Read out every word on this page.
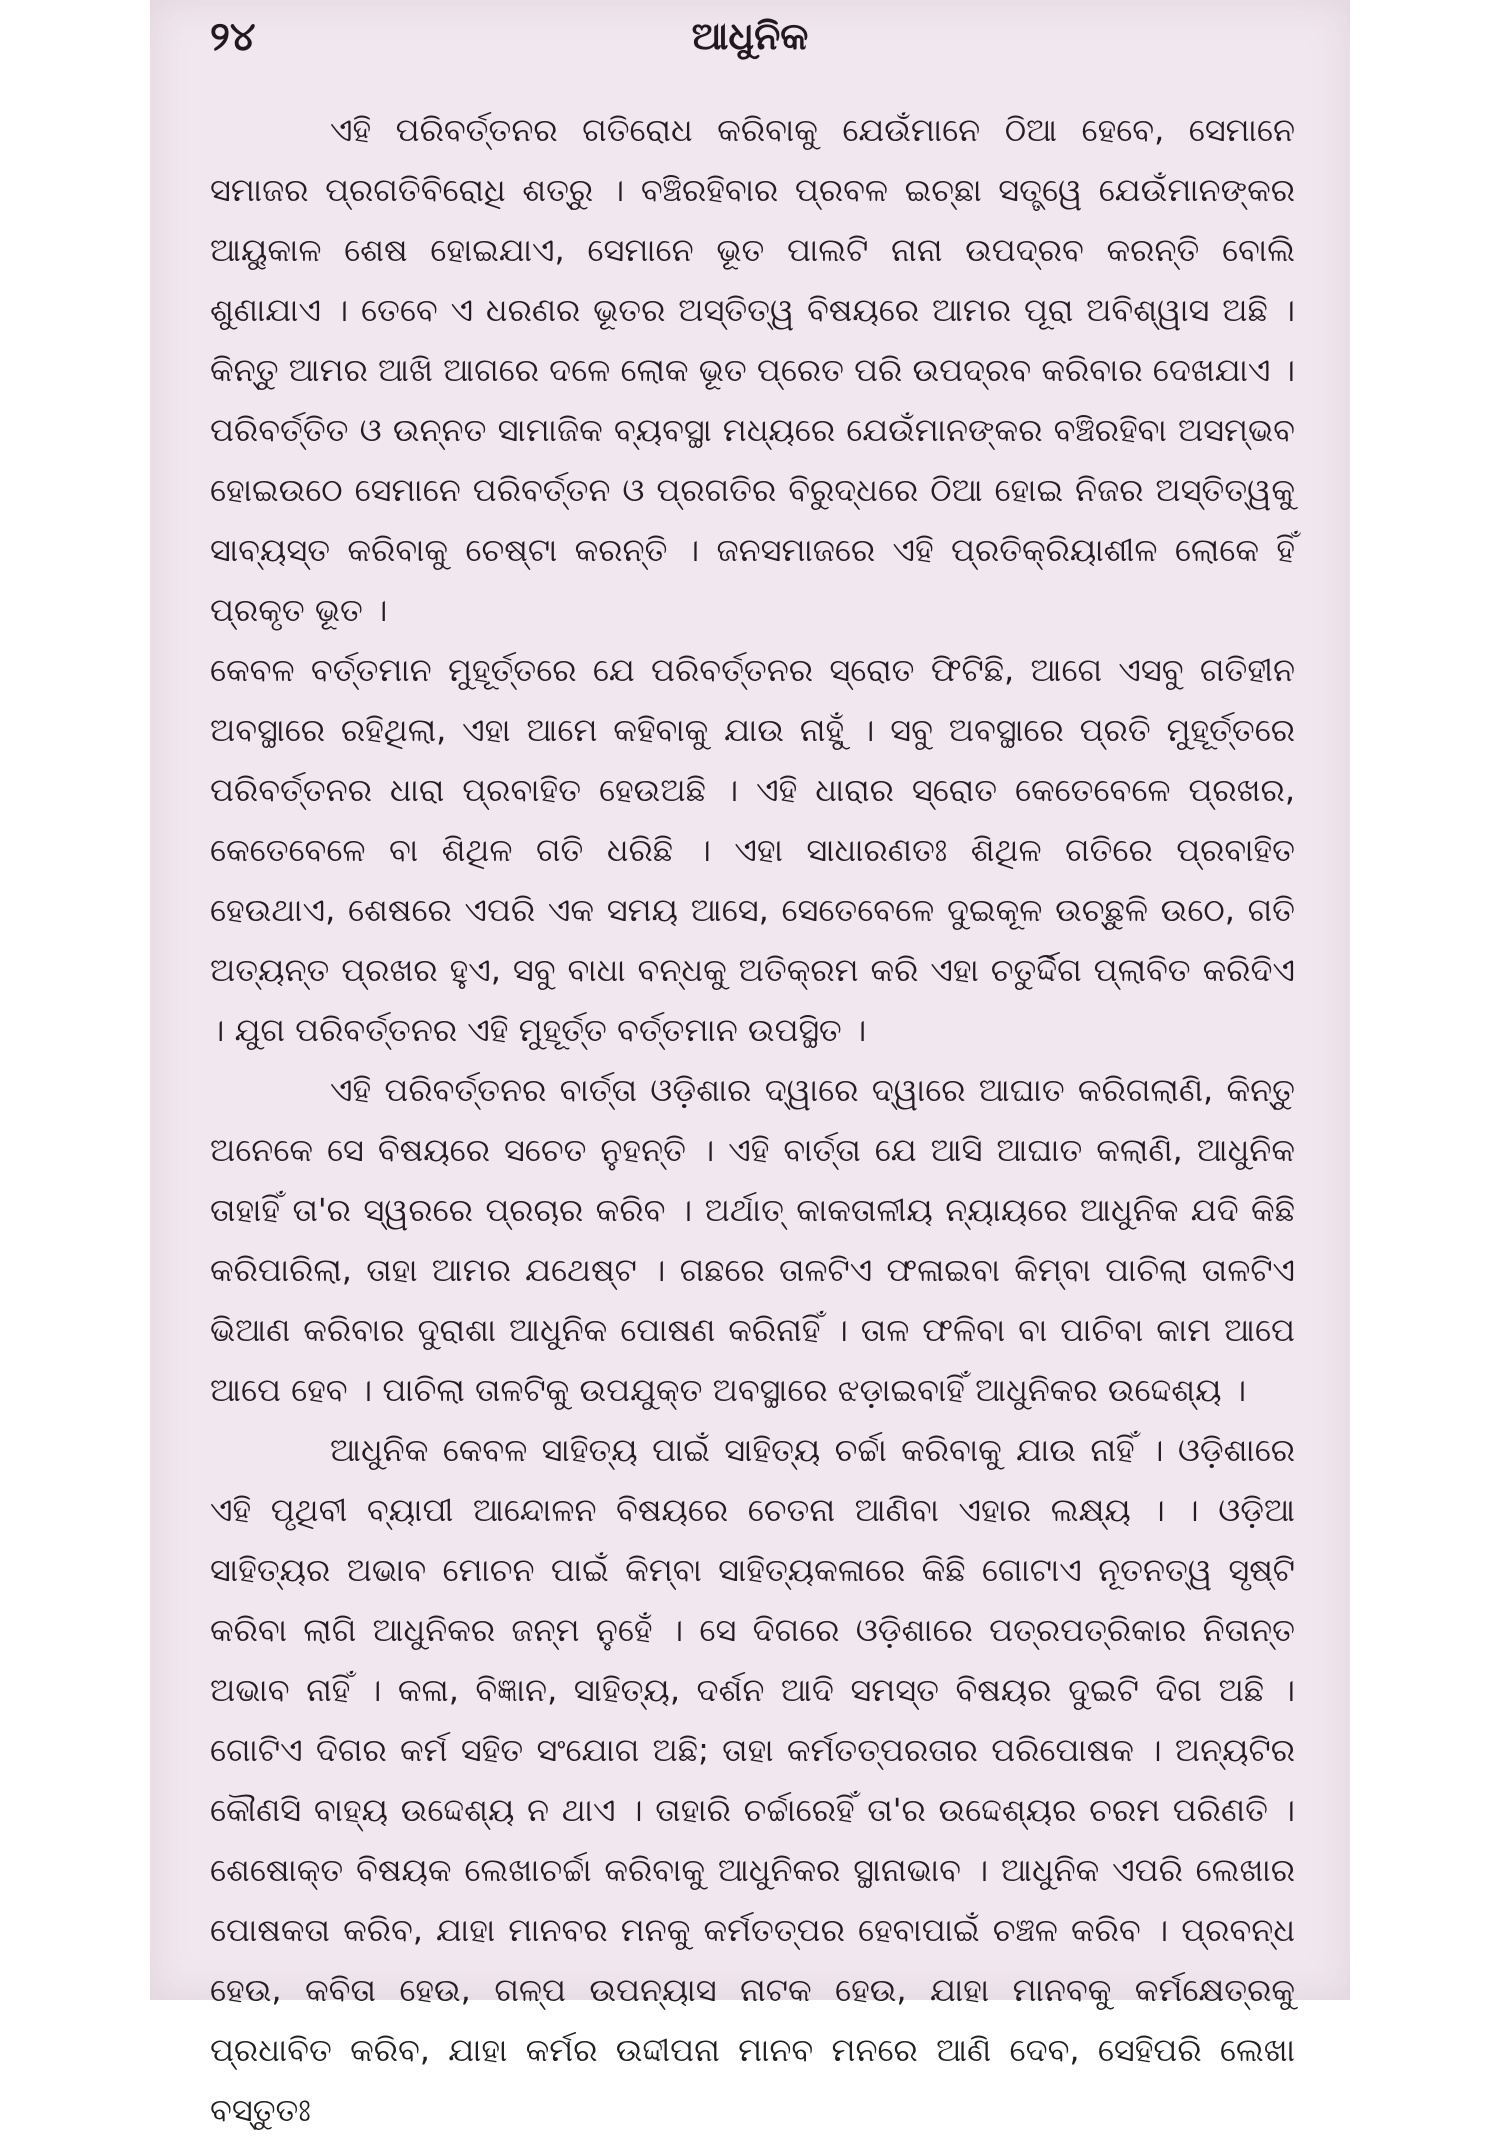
୨୪	ଆଧୁନିକ

ଏହି ପରିବର୍ତ୍ତନର ଗତିରୋଧ କରିବାକୁ ଯେଉଁମାନେ ଠିଆ ହେବେ, ସେମାନେ ସମାଜର ପ୍ରଗତିବିରୋଧି ଶତ୍ରୁ । ବଞ୍ଚିରହିବାର ପ୍ରବଳ ଇଚ୍ଛା ସତ୍ତ୍ୱେ ଯେଉଁମାନଙ୍କର ଆୟୁକାଳ ଶେଷ ହୋଇଯାଏ, ସେମାନେ ଭୂତ ପାଲଟି ନାନା ଉପଦ୍ରବ କରନ୍ତି ବୋଲି ଶୁଣାଯାଏ । ତେବେ ଏ ଧରଣର ଭୂତର ଅସ୍ତିତ୍ୱ ବିଷୟରେ ଆମର ପୂରା ଅବିଶ୍ୱାସ ଅଛି । କିନ୍ତୁ ଆମର ଆଖି ଆଗରେ ଦଳେ ଲୋକ ଭୂତ ପ୍ରେତ ପରି ଉପଦ୍ରବ କରିବାର ଦେଖଯାଏ । ପରିବର୍ତ୍ତିତ ଓ ଉନ୍ନତ ସାମାଜିକ ବ୍ୟବସ୍ଥା ମଧ୍ୟରେ ଯେଉଁମାନଙ୍କର ବଞ୍ଚିରହିବା ଅସମ୍ଭବ ହୋଇଉଠେ ସେମାନେ ପରିବର୍ତ୍ତନ ଓ ପ୍ରଗତିର ବିରୁଦ୍ଧରେ ଠିଆ ହୋଇ ନିଜର ଅସ୍ତିତ୍ୱକୁ ସାବ୍ୟସ୍ତ କରିବାକୁ ଚେଷ୍ଟା କରନ୍ତି । ଜନସମାଜରେ ଏହି ପ୍ରତିକ୍ରିୟାଶୀଳ ଲୋକେ ହିଁ ପ୍ରକୃତ ଭୂତ ।

କେବଳ ବର୍ତ୍ତମାନ ମୁହୂର୍ତ୍ତରେ ଯେ ପରିବର୍ତ୍ତନର ସ୍ରୋତ ଫିଟିଛି, ଆଗେ ଏସବୁ ଗତିହୀନ ଅବସ୍ଥାରେ ରହିଥିଲା, ଏହା ଆମେ କହିବାକୁ ଯାଉ ନାହୁଁ । ସବୁ ଅବସ୍ଥାରେ ପ୍ରତି ମୁହୂର୍ତ୍ତରେ ପରିବର୍ତ୍ତନର ଧାରା ପ୍ରବାହିତ ହେଉଅଛି । ଏହି ଧାରାର ସ୍ରୋତ କେତେବେଳେ ପ୍ରଖର, କେତେବେଳେ ବା ଶିଥିଳ ଗତି ଧରିଛି । ଏହା ସାଧାରଣତଃ ଶିଥିଳ ଗତିରେ ପ୍ରବାହିତ ହେଉଥାଏ, ଶେଷରେ ଏପରି ଏକ ସମୟ ଆସେ, ସେତେବେଳେ ଦୁଇକୂଳ ଉଚ୍ଛୁଳି ଉଠେ, ଗତି ଅତ୍ୟନ୍ତ ପ୍ରଖର ହୁଏ, ସବୁ ବାଧା ବନ୍ଧକୁ ଅତିକ୍ରମ କରି ଏହା ଚତୁର୍ଦ୍ଦିଗ ପ୍ଲାବିତ କରିଦିଏ । ଯୁଗ ପରିବର୍ତ୍ତନର ଏହି ମୁହୂର୍ତ୍ତ ବର୍ତ୍ତମାନ ଉପସ୍ଥିତ ।

ଏହି ପରିବର୍ତ୍ତନର ବାର୍ତ୍ତା ଓଡ଼ିଶାର ଦ୍ୱାରେ ଦ୍ୱାରେ ଆଘାତ କରିଗଲାଣି, କିନ୍ତୁ ଅନେକେ ସେ ବିଷୟରେ ସଚେତ ନୁହନ୍ତି । ଏହି ବାର୍ତ୍ତା ଯେ ଆସି ଆଘାତ କଲାଣି, ଆଧୁନିକ ତାହାହିଁ ତା'ର ସ୍ୱରରେ ପ୍ରଚାର କରିବ । ଅର୍ଥାତ୍ କାକତାଳୀୟ ନ୍ୟାୟରେ ଆଧୁନିକ ଯଦି କିଛି କରିପାରିଲା, ତାହା ଆମର ଯଥେଷ୍ଟ । ଗଛରେ ତାଳଟିଏ ଫଳାଇବା କିମ୍ବା ପାଚିଲା ତାଳଟିଏ ଭିଆଣ କରିବାର ଦୁରାଶା ଆଧୁନିକ ପୋଷଣ କରିନାହିଁ । ତାଳ ଫଳିବା ବା ପାଚିବା କାମ ଆପେ ଆପେ ହେବ । ପାଚିଲା ତାଳଟିକୁ ଉପଯୁକ୍ତ ଅବସ୍ଥାରେ ଝଡ଼ାଇବାହିଁ ଆଧୁନିକର ଉଦ୍ଦେଶ୍ୟ ।

ଆଧୁନିକ କେବଳ ସାହିତ୍ୟ ପାଇଁ ସାହିତ୍ୟ ଚର୍ଚ୍ଚା କରିବାକୁ ଯାଉ ନାହିଁ । ଓଡ଼ିଶାରେ ଏହି ପୃଥିବୀ ବ୍ୟାପୀ ଆନ୍ଦୋଳନ ବିଷୟରେ ଚେତନା ଆଣିବା ଏହାର ଲକ୍ଷ୍ୟ । । ଓଡ଼ିଆ ସାହିତ୍ୟର ଅଭାବ ମୋଚନ ପାଇଁ କିମ୍ବା ସାହିତ୍ୟକଳାରେ କିଛି ଗୋଟାଏ ନୂତନତ୍ୱ ସୃଷ୍ଟି କରିବା ଲାଗି ଆଧୁନିକର ଜନ୍ମ ନୁହେଁ । ସେ ଦିଗରେ ଓଡ଼ିଶାରେ ପତ୍ରପତ୍ରିକାର ନିତାନ୍ତ ଅଭାବ ନାହିଁ । କଳା, ବିଜ୍ଞାନ, ସାହିତ୍ୟ, ଦର୍ଶନ ଆଦି ସମସ୍ତ ବିଷୟର ଦୁଇଟି ଦିଗ ଅଛି । ଗୋଟିଏ ଦିଗର କର୍ମ ସହିତ ସଂଯୋଗ ଅଛି; ତାହା କର୍ମତତ୍ପରତାର ପରିପୋଷକ । ଅନ୍ୟଟିର କୌଣସି ବାହ୍ୟ ଉଦ୍ଦେଶ୍ୟ ନ ଥାଏ । ତାହାରି ଚର୍ଚ୍ଚାରେହିଁ ତା'ର ଉଦ୍ଦେଶ୍ୟର ଚରମ ପରିଣତି । ଶେଷୋକ୍ତ ବିଷୟକ ଲେଖାଚର୍ଚ୍ଚା କରିବାକୁ ଆଧୁନିକର ସ୍ଥାନାଭାବ । ଆଧୁନିକ ଏପରି ଲେଖାର ପୋଷକତା କରିବ, ଯାହା ମାନବର ମନକୁ କର୍ମତତ୍ପର ହେବାପାଇଁ ଚଞ୍ଚଳ କରିବ । ପ୍ରବନ୍ଧ ହେଉ, କବିତା ହେଉ, ଗଳ୍ପ ଉପନ୍ୟାସ ନାଟକ ହେଉ, ଯାହା ମାନବକୁ କର୍ମକ୍ଷେତ୍ରକୁ ପ୍ରଧାବିତ କରିବ, ଯାହା କର୍ମର ଉଦ୍ଦୀପନା ମାନବ ମନରେ ଆଣି ଦେବ, ସେହିପରି ଲେଖା ବସ୍ତୁତଃ
